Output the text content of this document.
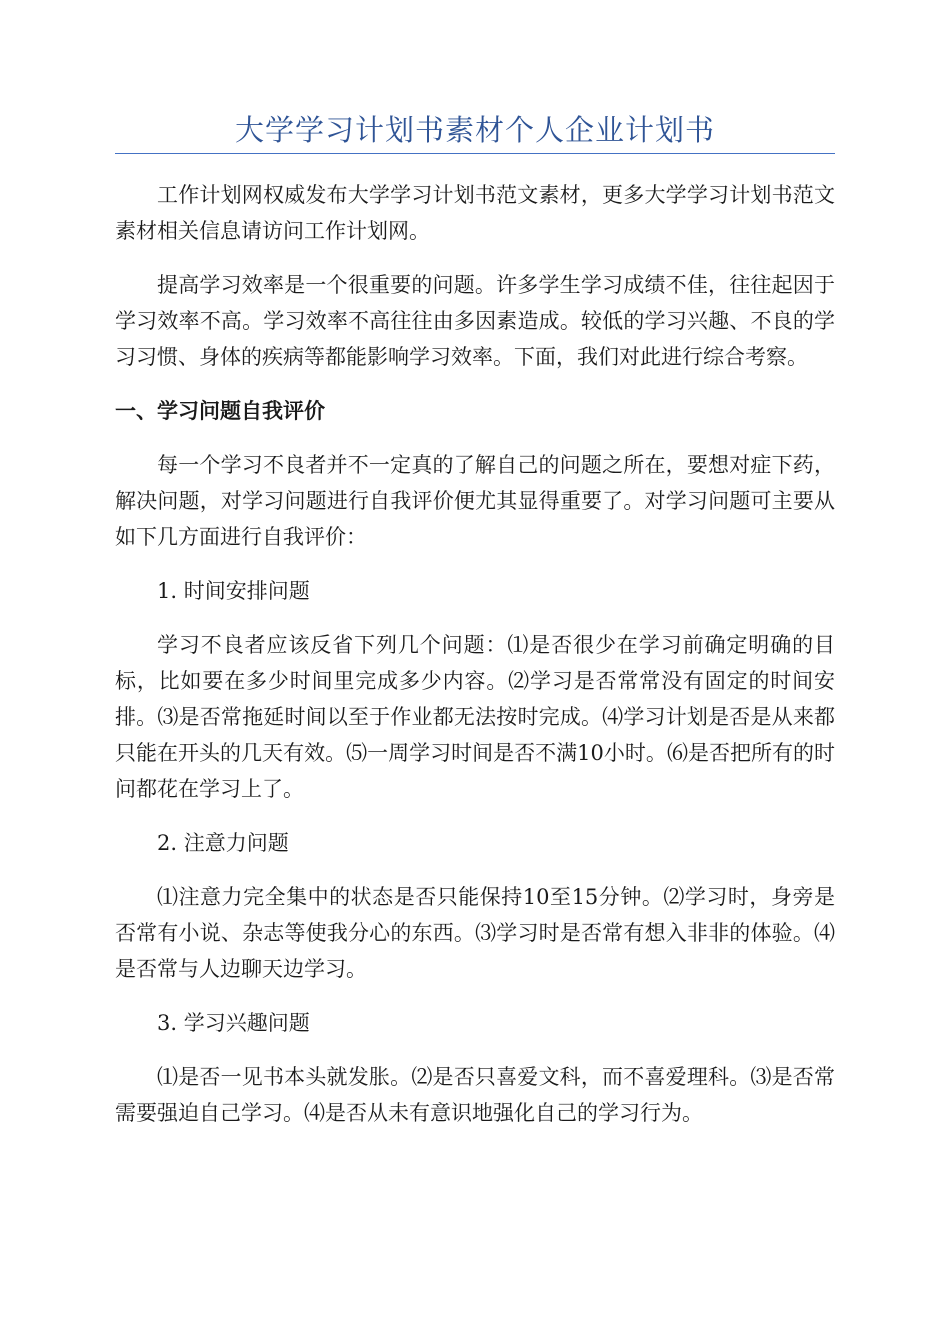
大学学习计划书素材个人企业计划书

工作计划网权威发布大学学习计划书范文素材，更多大学学习计划书范文素材相关信息请访问工作计划网。

提高学习效率是一个很重要的问题。许多学生学习成绩不佳，往往起因于学习效率不高。学习效率不高往往由多因素造成。较低的学习兴趣、不良的学习习惯、身体的疾病等都能影响学习效率。下面，我们对此进行综合考察。

一、学习问题自我评价

每一个学习不良者并不一定真的了解自己的问题之所在，要想对症下药，解决问题，对学习问题进行自我评价便尤其显得重要了。对学习问题可主要从如下几方面进行自我评价：

1. 时间安排问题

学习不良者应该反省下列几个问题：⑴是否很少在学习前确定明确的目标，比如要在多少时间里完成多少内容。⑵学习是否常常没有固定的时间安排。⑶是否常拖延时间以至于作业都无法按时完成。⑷学习计划是否是从来都只能在开头的几天有效。⑸一周学习时间是否不满10小时。⑹是否把所有的时问都花在学习上了。

2. 注意力问题

⑴注意力完全集中的状态是否只能保持10至15分钟。⑵学习时，身旁是否常有小说、杂志等使我分心的东西。⑶学习时是否常有想入非非的体验。⑷是否常与人边聊天边学习。

3. 学习兴趣问题

⑴是否一见书本头就发胀。⑵是否只喜爱文科，而不喜爱理科。⑶是否常需要强迫自己学习。⑷是否从未有意识地强化自己的学习行为。
